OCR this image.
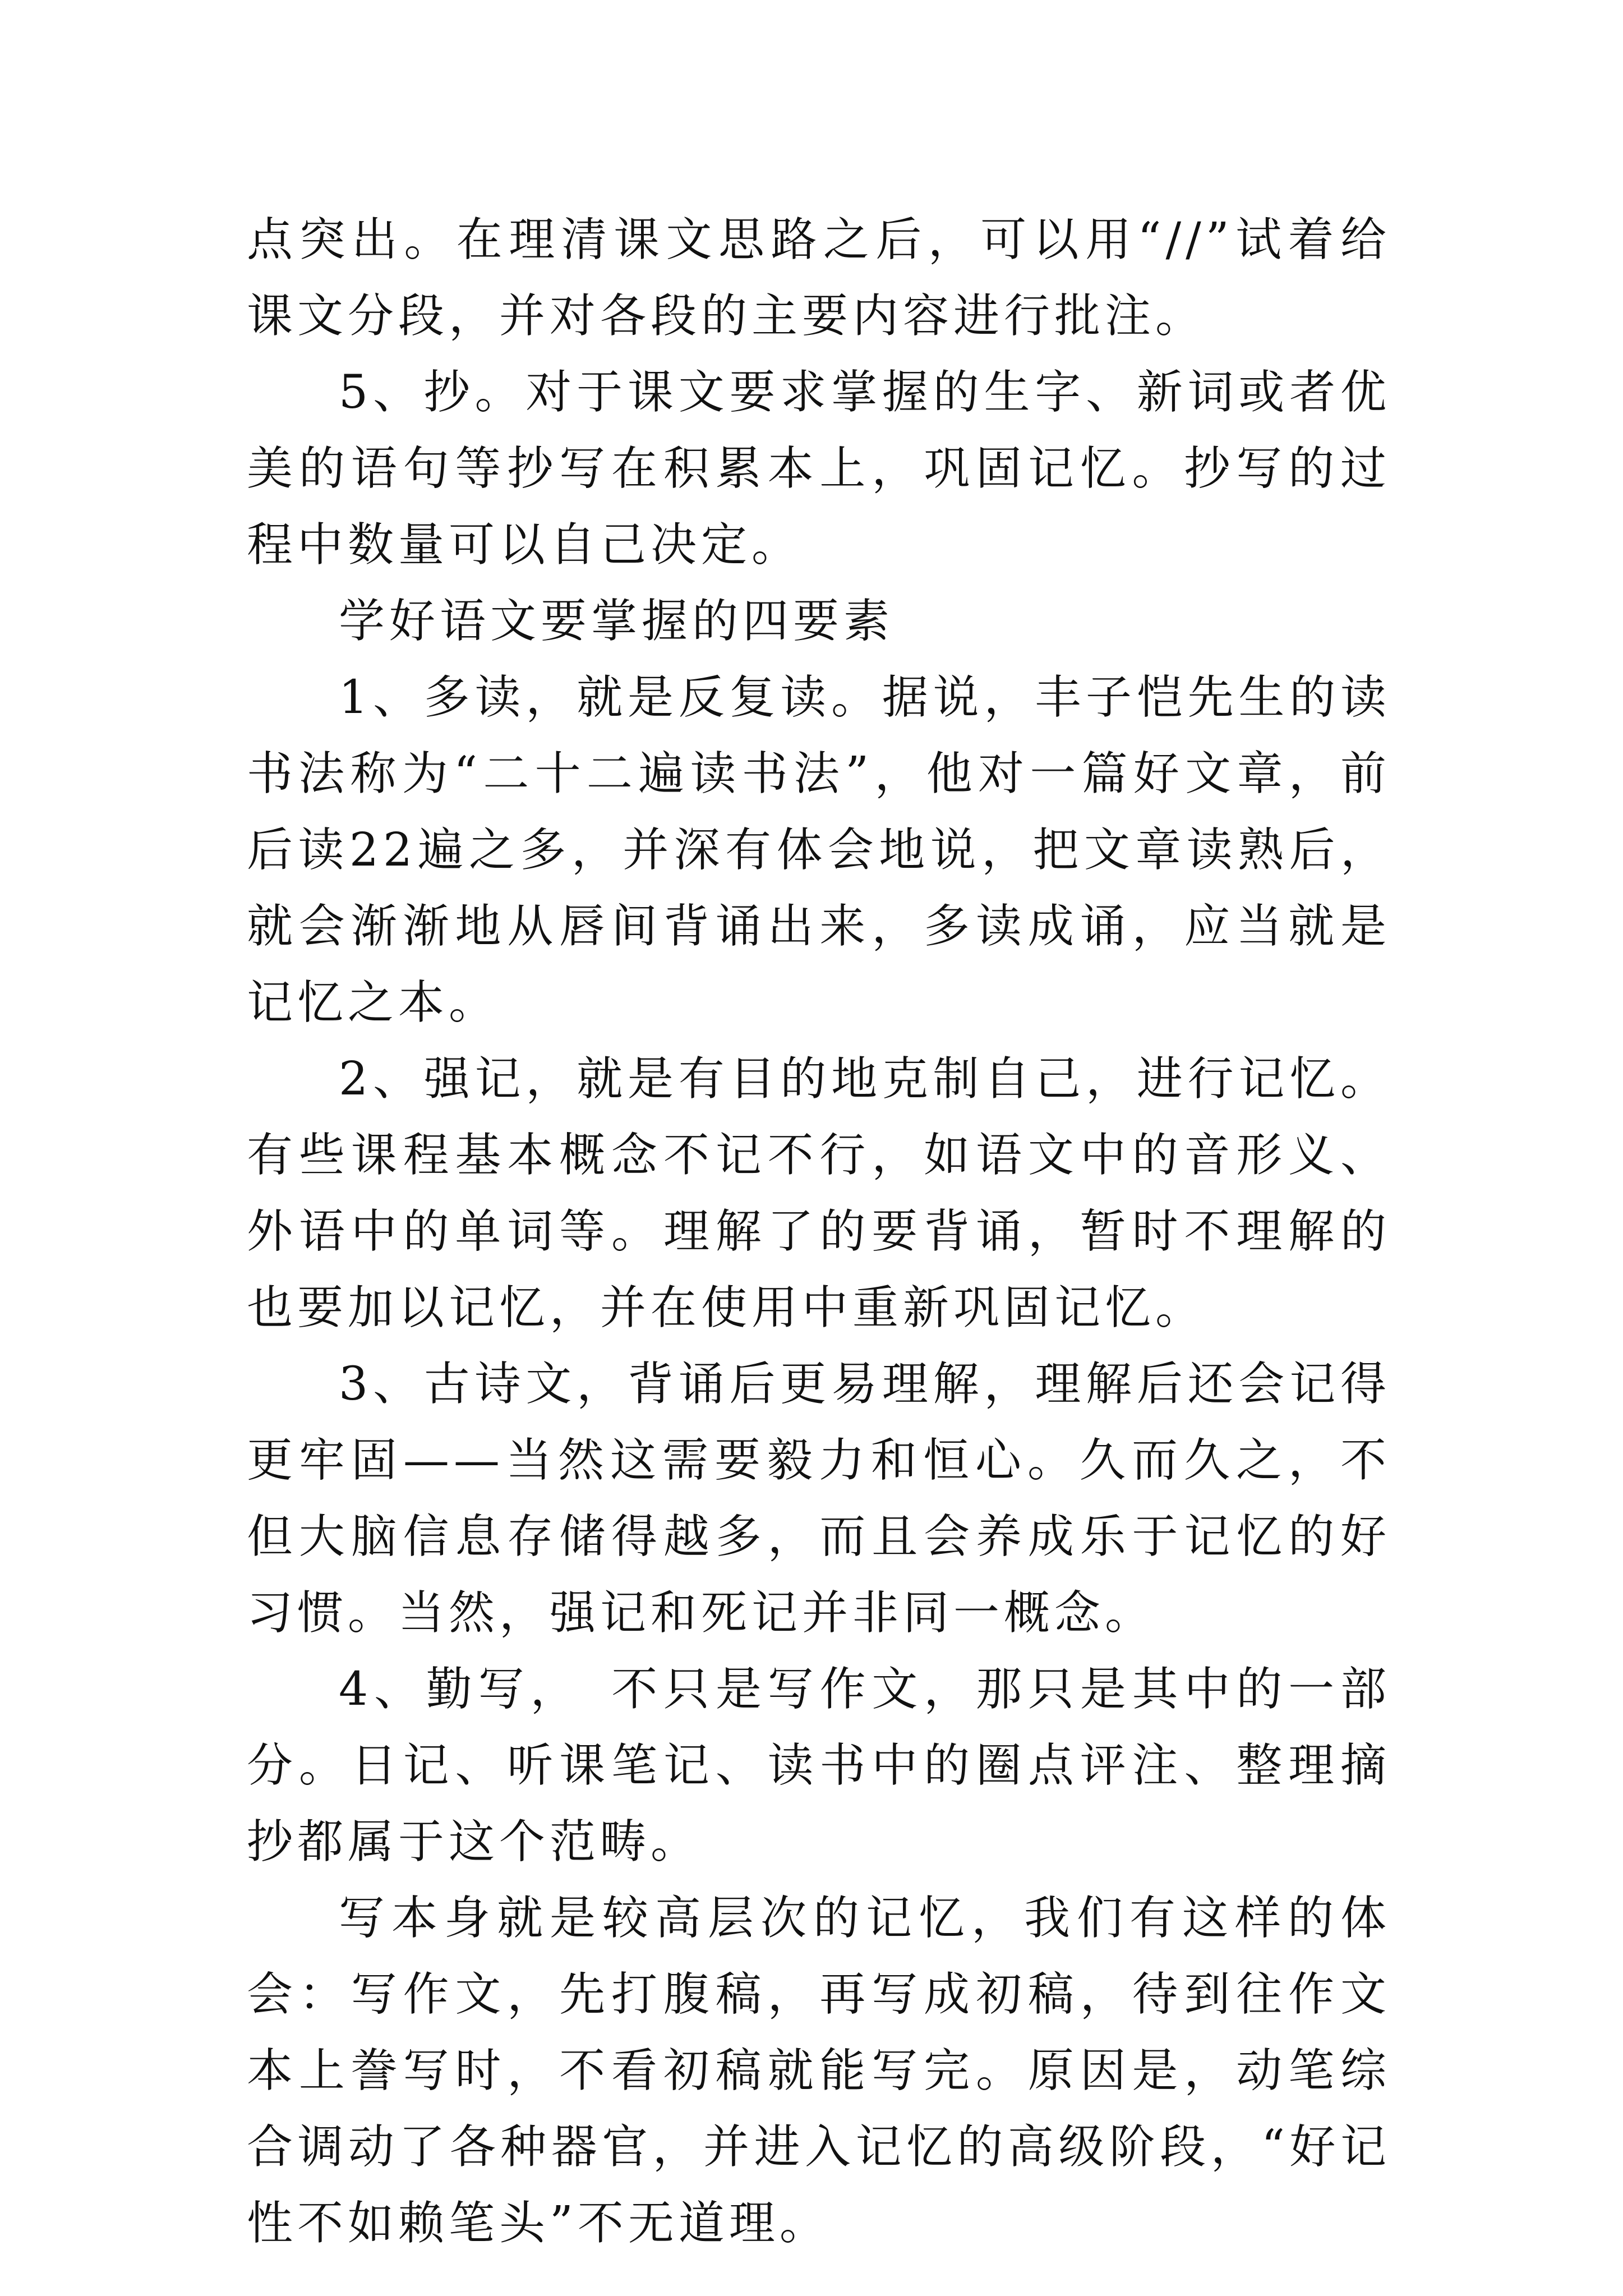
点突出。在理清课文思路之后，可以用“//”试着给课文分段，并对各段的主要内容进行批注。

5、抄。对于课文要求掌握的生字、新词或者优美的语句等抄写在积累本上，巩固记忆。抄写的过程中数量可以自己决定。

学好语文要掌握的四要素

1、多读，就是反复读。据说，丰子恺先生的读书法称为“二十二遍读书法”，他对一篇好文章，前后读22遍之多，并深有体会地说，把文章读熟后，就会渐渐地从唇间背诵出来，多读成诵，应当就是记忆之本。

2、强记，就是有目的地克制自己，进行记忆。有些课程基本概念不记不行，如语文中的音形义、外语中的单词等。理解了的要背诵，暂时不理解的也要加以记忆，并在使用中重新巩固记忆。

3、古诗文，背诵后更易理解，理解后还会记得更牢固——当然这需要毅力和恒心。久而久之，不但大脑信息存储得越多，而且会养成乐于记忆的好习惯。当然，强记和死记并非同一概念。

4、勤写，　不只是写作文，那只是其中的一部分。日记、听课笔记、读书中的圈点评注、整理摘抄都属于这个范畴。

写本身就是较高层次的记忆，我们有这样的体会：写作文，先打腹稿，再写成初稿，待到往作文本上誊写时，不看初稿就能写完。原因是，动笔综合调动了各种器官，并进入记忆的高级阶段，“好记性不如赖笔头”不无道理。
